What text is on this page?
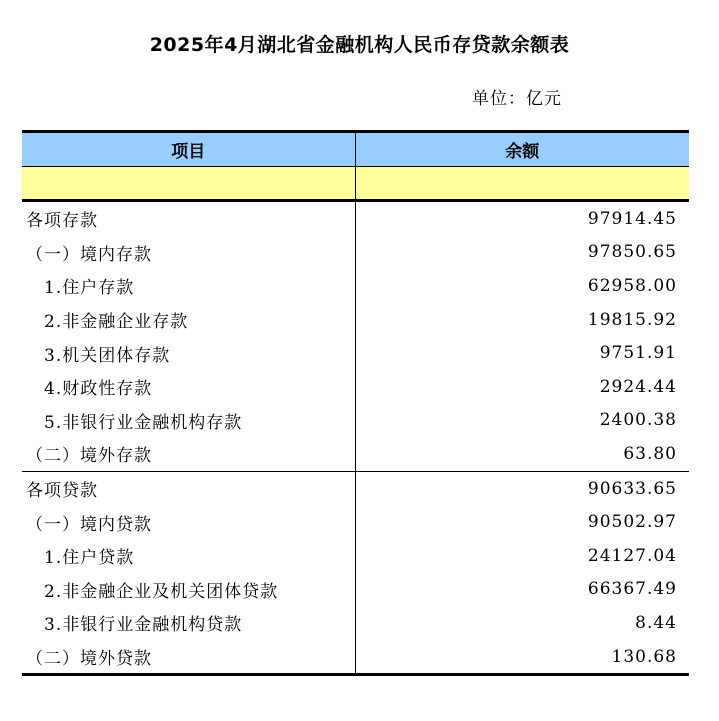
2025年4月湖北省金融机构人民币存贷款余额表
单位：亿元
项目	余额

各项存款	97914.45
（一）境内存款	97850.65
1.住户存款	62958.00
2.非金融企业存款	19815.92
3.机关团体存款	9751.91
4.财政性存款	2924.44
5.非银行业金融机构存款	2400.38
（二）境外存款	63.80
各项贷款	90633.65
（一）境内贷款	90502.97
1.住户贷款	24127.04
2.非金融企业及机关团体贷款	66367.49
3.非银行业金融机构贷款	8.44
（二）境外贷款	130.68
